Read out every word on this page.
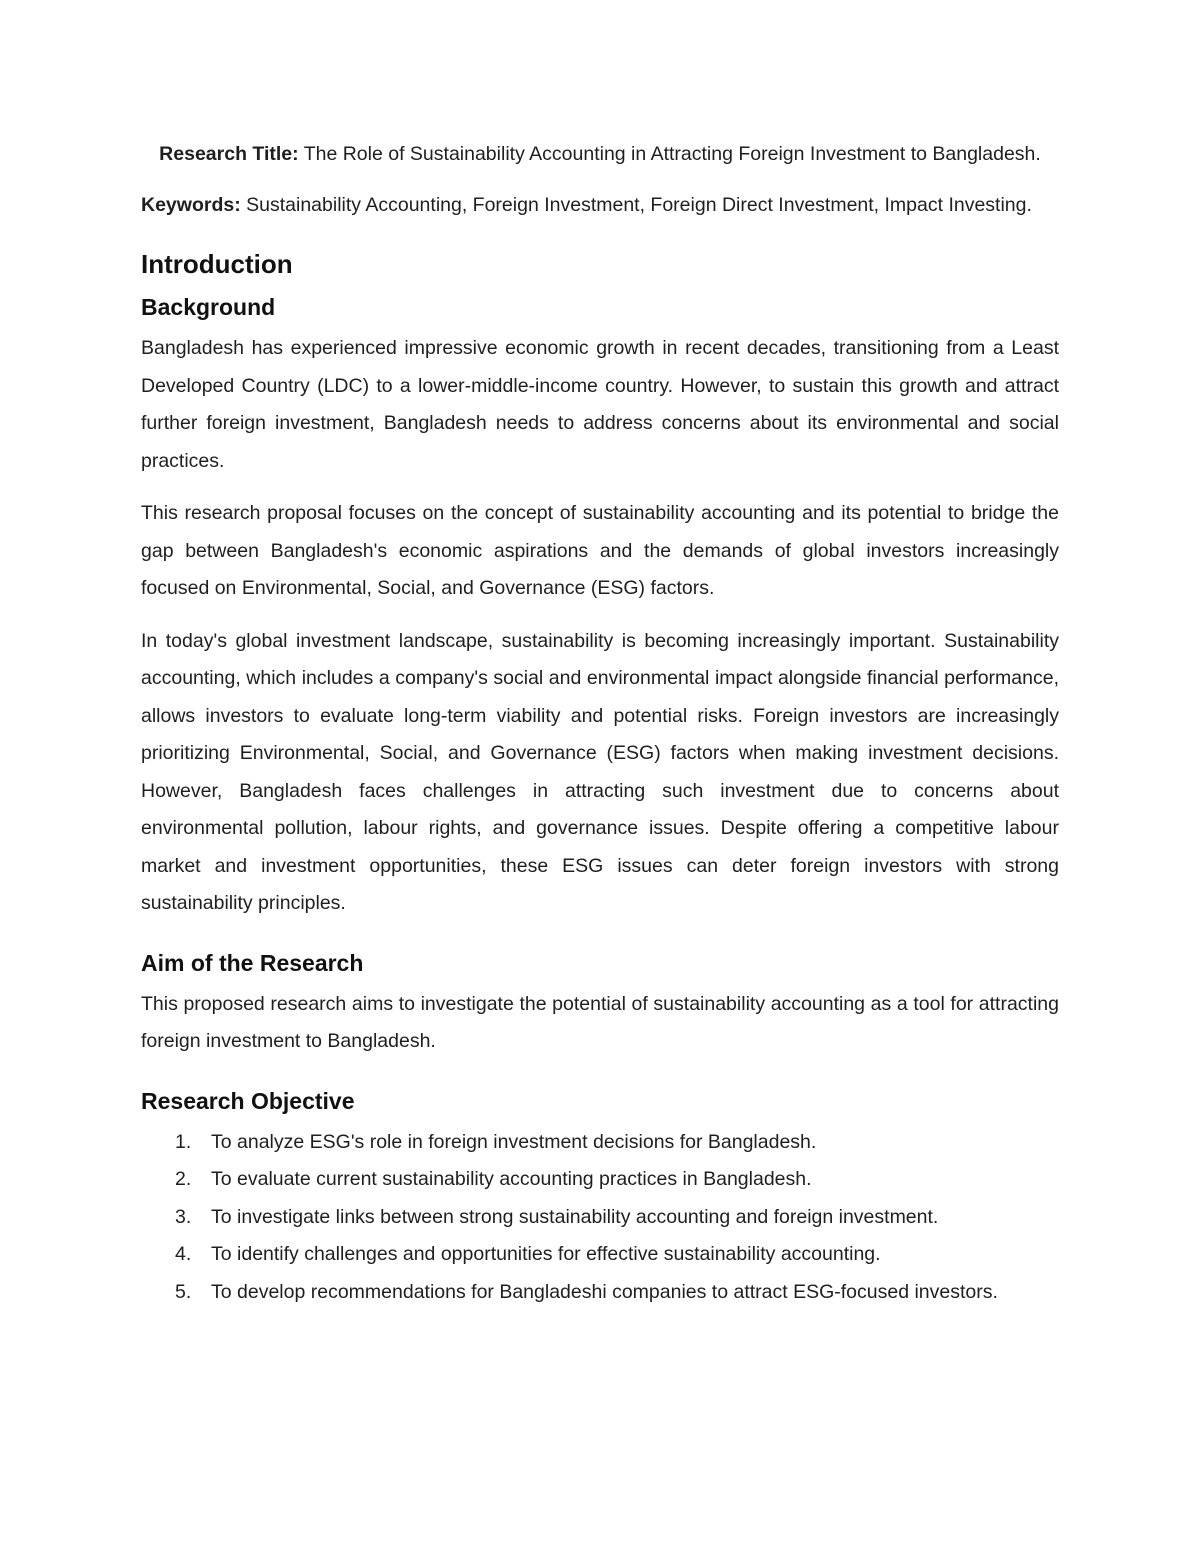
Research Title: The Role of Sustainability Accounting in Attracting Foreign Investment to Bangladesh.
Keywords: Sustainability Accounting, Foreign Investment, Foreign Direct Investment, Impact Investing.
Introduction
Background

Bangladesh has experienced impressive economic growth in recent decades, transitioning from a Least Developed Country (LDC) to a lower-middle-income country. However, to sustain this growth and attract further foreign investment, Bangladesh needs to address concerns about its environmental and social practices.

This research proposal focuses on the concept of sustainability accounting and its potential to bridge the gap between Bangladesh's economic aspirations and the demands of global investors increasingly focused on Environmental, Social, and Governance (ESG) factors.

In today's global investment landscape, sustainability is becoming increasingly important. Sustainability accounting, which includes a company's social and environmental impact alongside financial performance, allows investors to evaluate long-term viability and potential risks. Foreign investors are increasingly prioritizing Environmental, Social, and Governance (ESG) factors when making investment decisions. However, Bangladesh faces challenges in attracting such investment due to concerns about environmental pollution, labour rights, and governance issues. Despite offering a competitive labour market and investment opportunities, these ESG issues can deter foreign investors with strong sustainability principles.

Aim of the Research

This proposed research aims to investigate the potential of sustainability accounting as a tool for attracting foreign investment to Bangladesh.

Research Objective
1. To analyze ESG's role in foreign investment decisions for Bangladesh.
2. To evaluate current sustainability accounting practices in Bangladesh.
3. To investigate links between strong sustainability accounting and foreign investment.
4. To identify challenges and opportunities for effective sustainability accounting.
5. To develop recommendations for Bangladeshi companies to attract ESG-focused investors.
